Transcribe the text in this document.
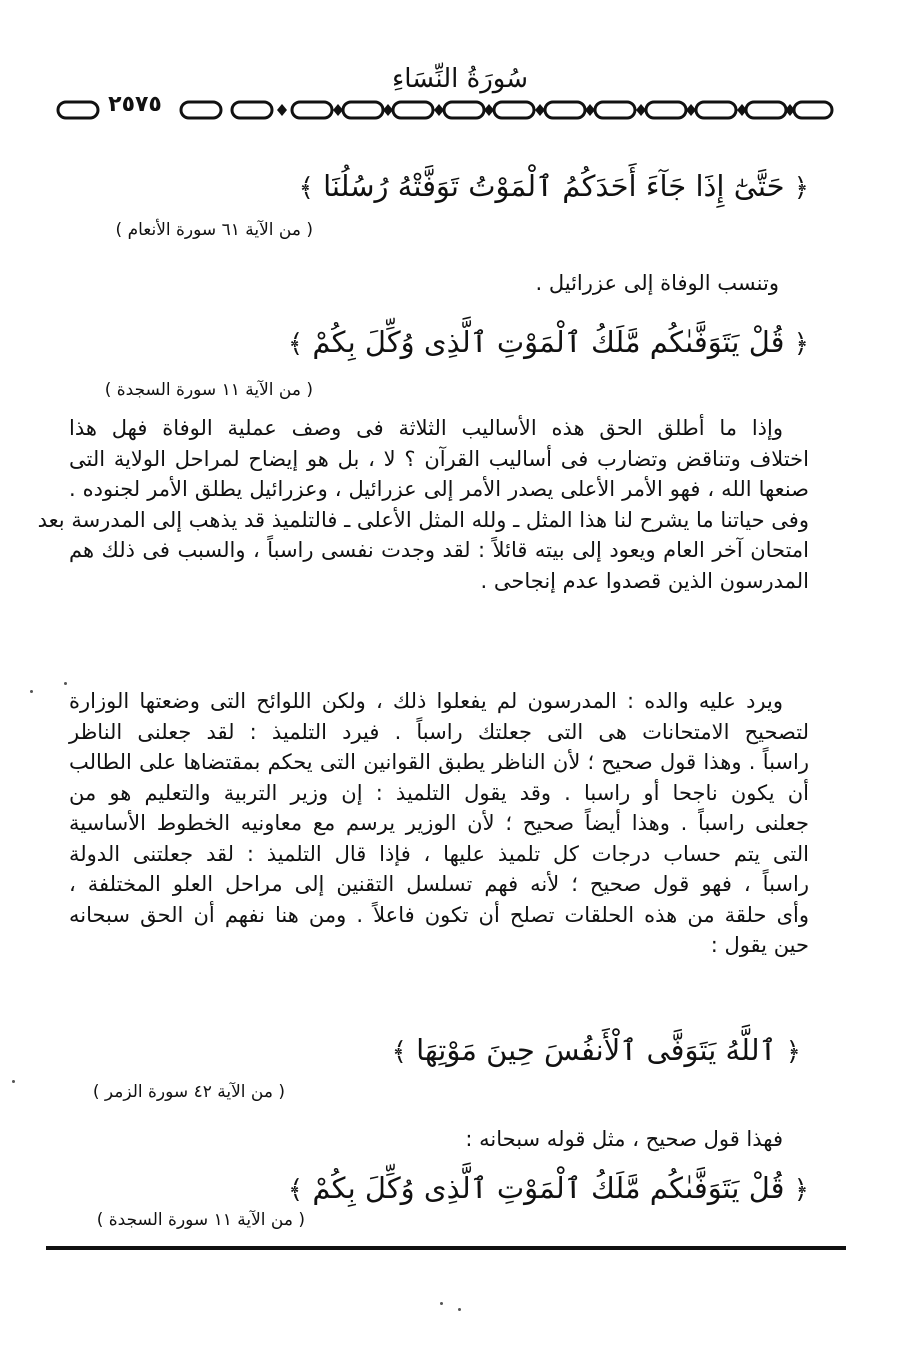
سُورَةُ النِّسَاءِ
٢٥٧٥
﴿ حَتَّىٰٓ إِذَا جَآءَ أَحَدَكُمُ ٱلْمَوْتُ تَوَفَّتْهُ رُسُلُنَا ﴾
( من الآية ٦١ سورة الأنعام )
وتنسب الوفاة إلى عزرائيل .
﴿ قُلْ يَتَوَفَّىٰكُم مَّلَكُ ٱلْمَوْتِ ٱلَّذِى وُكِّلَ بِكُمْ ﴾
( من الآية ١١ سورة السجدة )
وإذا ما أطلق الحق هذه الأساليب الثلاثة فى وصف عملية الوفاة فهل هذا
اختلاف وتناقض وتضارب فى أساليب القرآن ؟ لا ، بل هو إيضاح لمراحل الولاية التى
صنعها الله ، فهو الأمر الأعلى يصدر الأمر إلى عزرائيل ، وعزرائيل يطلق الأمر لجنوده .
وفى حياتنا ما يشرح لنا هذا المثل ـ ولله المثل الأعلى ـ فالتلميذ قد يذهب إلى المدرسة بعد
امتحان آخر العام ويعود إلى بيته قائلاً : لقد وجدت نفسى راسباً ، والسبب فى ذلك هم
المدرسون الذين قصدوا عدم إنجاحى .
ويرد عليه والده : المدرسون لم يفعلوا ذلك ، ولكن اللوائح التى وضعتها الوزارة
لتصحيح الامتحانات هى التى جعلتك راسباً . فيرد التلميذ : لقد جعلنى الناظر
راسباً . وهذا قول صحيح ؛ لأن الناظر يطبق القوانين التى يحكم بمقتضاها على الطالب
أن يكون ناجحا أو راسبا . وقد يقول التلميذ : إن وزير التربية والتعليم هو من
جعلنى راسباً . وهذا أيضاً صحيح ؛ لأن الوزير يرسم مع معاونيه الخطوط الأساسية
التى يتم حساب درجات كل تلميذ عليها ، فإذا قال التلميذ : لقد جعلتنى الدولة
راسباً ، فهو قول صحيح ؛ لأنه فهم تسلسل التقنين إلى مراحل العلو المختلفة ،
وأى حلقة من هذه الحلقات تصلح أن تكون فاعلاً . ومن هنا نفهم أن الحق سبحانه
حين يقول :
﴿ ٱللَّهُ يَتَوَفَّى ٱلْأَنفُسَ حِينَ مَوْتِهَا ﴾
( من الآية ٤٢ سورة الزمر )
فهذا قول صحيح ، مثل قوله سبحانه :
﴿ قُلْ يَتَوَفَّىٰكُم مَّلَكُ ٱلْمَوْتِ ٱلَّذِى وُكِّلَ بِكُمْ ﴾
( من الآية ١١ سورة السجدة )
